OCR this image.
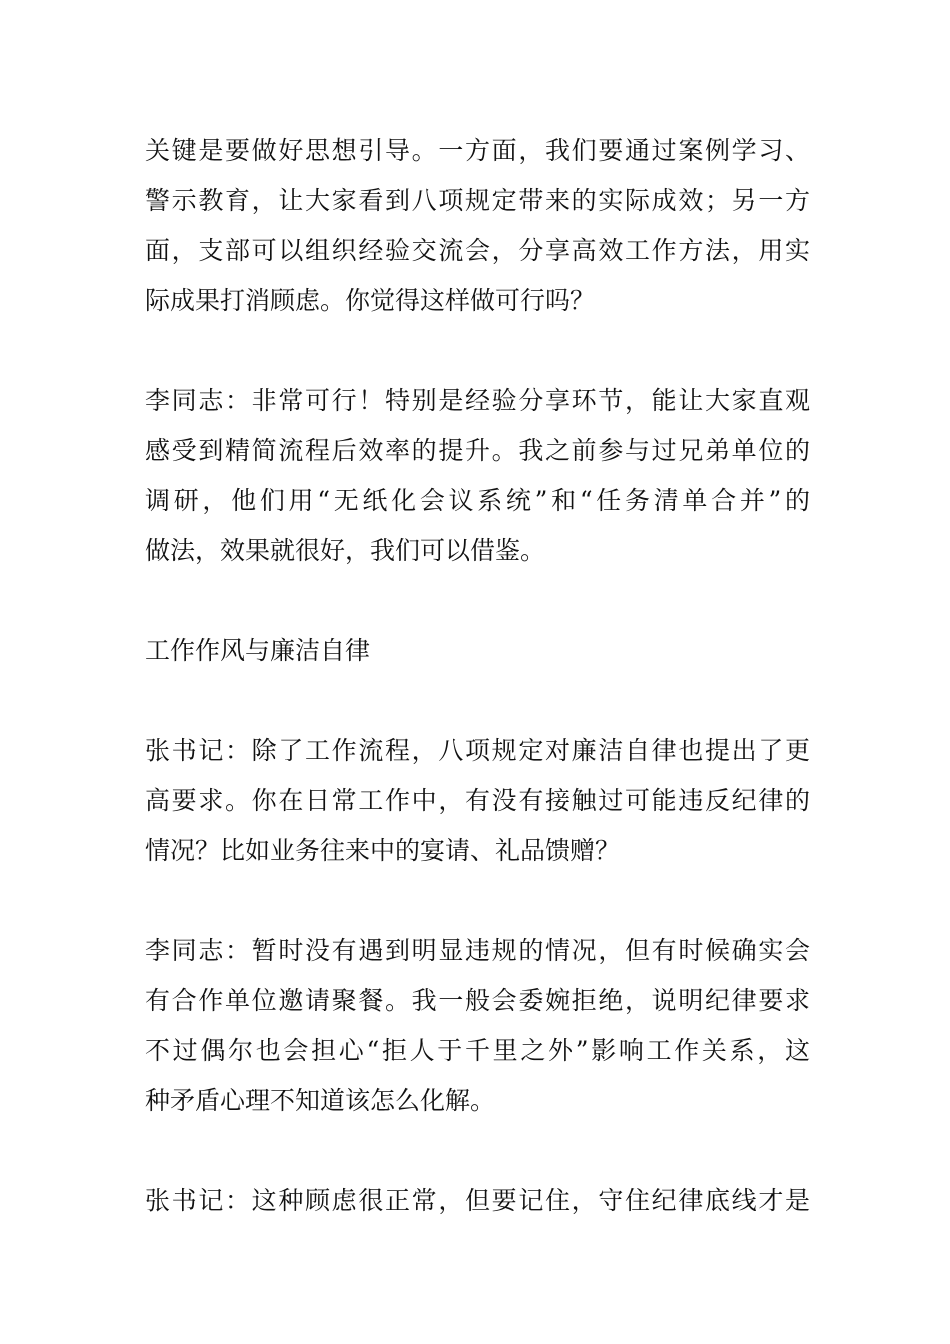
关键是要做好思想引导。一方面，我们要通过案例学习、
警示教育，让大家看到八项规定带来的实际成效；另一方
面，支部可以组织经验交流会，分享高效工作方法，用实
际成果打消顾虑。你觉得这样做可行吗？
李同志：非常可行！特别是经验分享环节，能让大家直观
感受到精简流程后效率的提升。我之前参与过兄弟单位的
调研，他们用“无纸化会议系统”和“任务清单合并”的
做法，效果就很好，我们可以借鉴。
工作作风与廉洁自律
张书记：除了工作流程，八项规定对廉洁自律也提出了更
高要求。你在日常工作中，有没有接触过可能违反纪律的
情况？比如业务往来中的宴请、礼品馈赠？
李同志：暂时没有遇到明显违规的情况，但有时候确实会
有合作单位邀请聚餐。我一般会委婉拒绝，说明纪律要求
不过偶尔也会担心“拒人于千里之外”影响工作关系，这
种矛盾心理不知道该怎么化解。
张书记：这种顾虑很正常，但要记住，守住纪律底线才是
